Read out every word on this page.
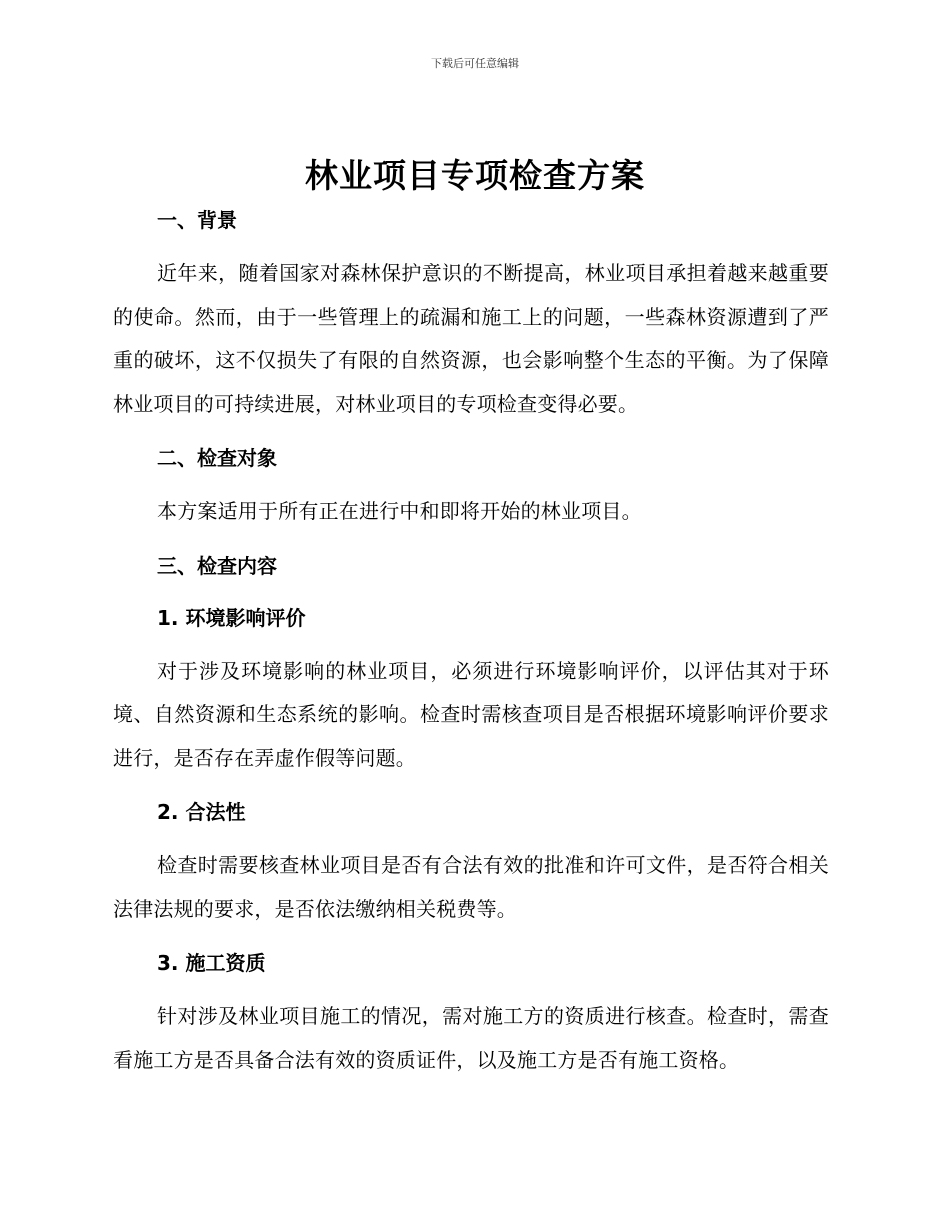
下载后可任意编辑
林业项目专项检查方案

一、背景

近年来，随着国家对森林保护意识的不断提高，林业项目承担着越来越重要的使命。然而，由于一些管理上的疏漏和施工上的问题，一些森林资源遭到了严重的破坏，这不仅损失了有限的自然资源，也会影响整个生态的平衡。为了保障林业项目的可持续进展，对林业项目的专项检查变得必要。

二、检查对象

本方案适用于所有正在进行中和即将开始的林业项目。

三、检查内容

1. 环境影响评价

对于涉及环境影响的林业项目，必须进行环境影响评价，以评估其对于环境、自然资源和生态系统的影响。检查时需核查项目是否根据环境影响评价要求进行，是否存在弄虚作假等问题。

2. 合法性

检查时需要核查林业项目是否有合法有效的批准和许可文件，是否符合相关法律法规的要求，是否依法缴纳相关税费等。

3. 施工资质

针对涉及林业项目施工的情况，需对施工方的资质进行核查。检查时，需查看施工方是否具备合法有效的资质证件，以及施工方是否有施工资格。
